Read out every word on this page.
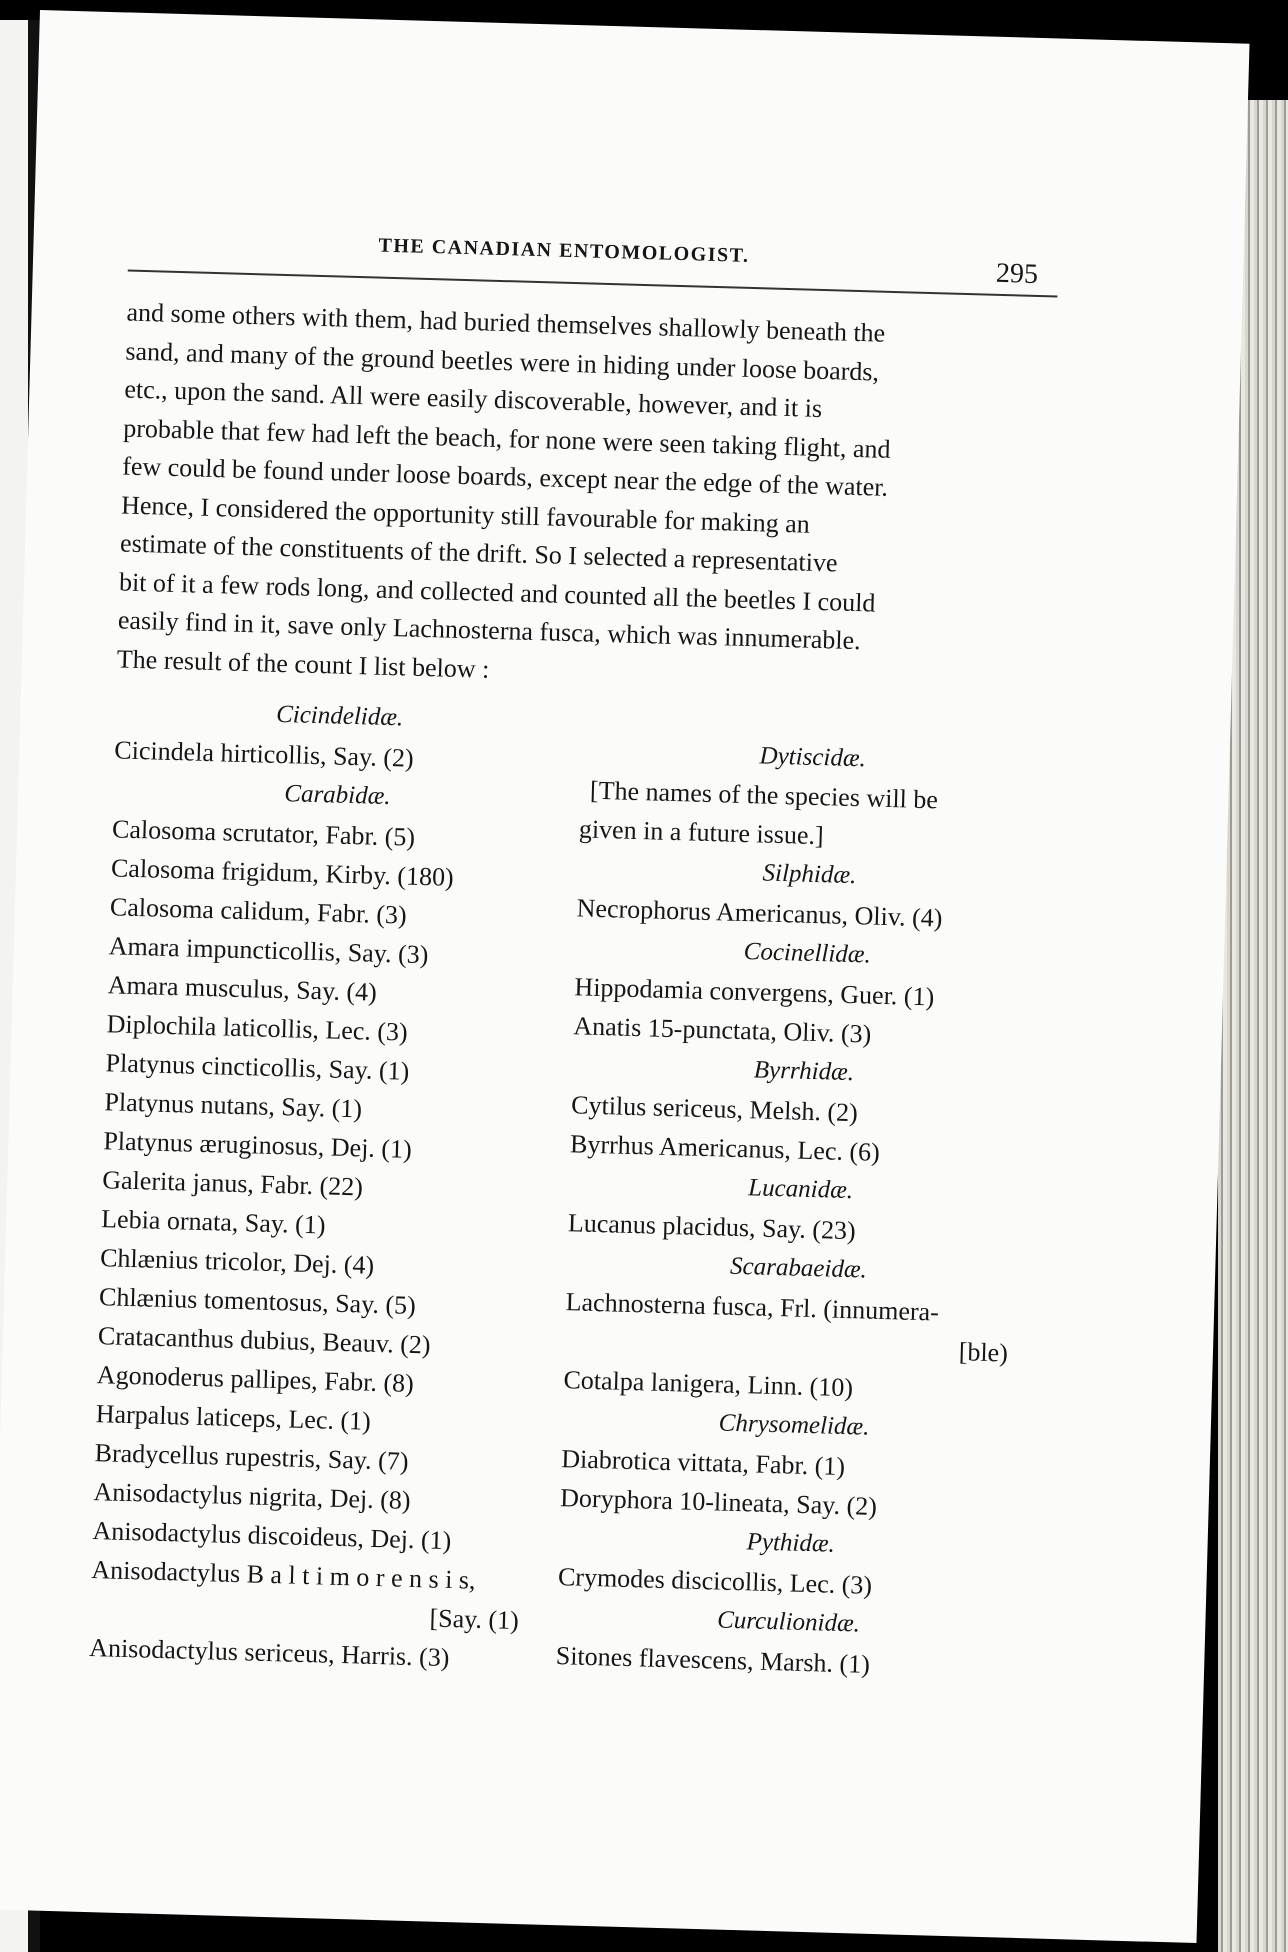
THE CANADIAN ENTOMOLOGIST.
295

and some others with them, had buried themselves shallowly beneath the

sand, and many of the ground beetles were in hiding under loose boards,

etc., upon the sand. All were easily discoverable, however, and it is

probable that few had left the beach, for none were seen taking flight, and

few could be found under loose boards, except near the edge of the water.

Hence, I considered the opportunity still favourable for making an

estimate of the constituents of the drift. So I selected a representative

bit of it a few rods long, and collected and counted all the beetles I could

easily find in it, save only Lachnosterna fusca, which was innumerable.

The result of the count I list below :

Cicindelidæ.
Cicindela hirticollis, Say. (2)
Carabidæ.
Calosoma scrutator, Fabr. (5)
Calosoma frigidum, Kirby. (180)
Calosoma calidum, Fabr. (3)
Amara impuncticollis, Say. (3)
Amara musculus, Say. (4)
Diplochila laticollis, Lec. (3)
Platynus cincticollis, Say. (1)
Platynus nutans, Say. (1)
Platynus æruginosus, Dej. (1)
Galerita janus, Fabr. (22)
Lebia ornata, Say. (1)
Chlænius tricolor, Dej. (4)
Chlænius tomentosus, Say. (5)
Cratacanthus dubius, Beauv. (2)
Agonoderus pallipes, Fabr. (8)
Harpalus laticeps, Lec. (1)
Bradycellus rupestris, Say. (7)
Anisodactylus nigrita, Dej. (8)
Anisodactylus discoideus, Dej. (1)
Anisodactylus B a l t i m o r e n s i s,
[Say. (1)
Anisodactylus sericeus, Harris. (3)
Dytiscidæ.
[The names of the species will be
given in a future issue.]
Silphidæ.
Necrophorus Americanus, Oliv. (4)
Cocinellidæ.
Hippodamia convergens, Guer. (1)
Anatis 15-punctata, Oliv. (3)
Byrrhidæ.
Cytilus sericeus, Melsh. (2)
Byrrhus Americanus, Lec. (6)
Lucanidæ.
Lucanus placidus, Say. (23)
Scarabaeidæ.
Lachnosterna fusca, Frl. (innumera-
[ble)
Cotalpa lanigera, Linn. (10)
Chrysomelidæ.
Diabrotica vittata, Fabr. (1)
Doryphora 10-lineata, Say. (2)
Pythidæ.
Crymodes discicollis, Lec. (3)
Curculionidæ.
Sitones flavescens, Marsh. (1)
